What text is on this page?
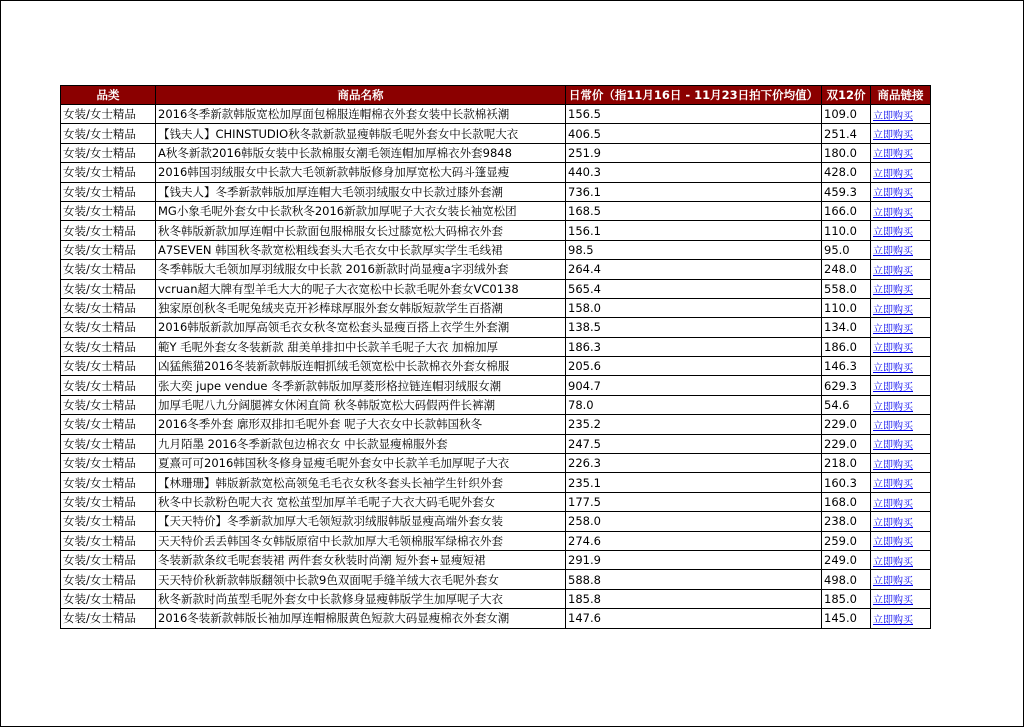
品类	商品名称	日常价（指11月16日 - 11月23日拍下价均值）	双12价	商品链接
女装/女士精品	2016冬季新款韩版宽松加厚面包棉服连帽棉衣外套女装中长款棉袄潮	156.5	109.0	立即购买
女装/女士精品	【钱夫人】CHINSTUDIO秋冬款新款显瘦韩版毛呢外套女中长款呢大衣	406.5	251.4	立即购买
女装/女士精品	A秋冬新款2016韩版女装中长款棉服女潮毛领连帽加厚棉衣外套9848	251.9	180.0	立即购买
女装/女士精品	2016韩国羽绒服女中长款大毛领新款韩版修身加厚宽松大码斗篷显瘦	440.3	428.0	立即购买
女装/女士精品	【钱夫人】冬季新款韩版加厚连帽大毛领羽绒服女中长款过膝外套潮	736.1	459.3	立即购买
女装/女士精品	MG小象毛呢外套女中长款秋冬2016新款加厚呢子大衣女装长袖宽松团	168.5	166.0	立即购买
女装/女士精品	秋冬韩版新款加厚连帽中长款面包服棉服女长过膝宽松大码棉衣外套	156.1	110.0	立即购买
女装/女士精品	A7SEVEN 韩国秋冬款宽松粗线套头大毛衣女中长款厚实学生毛线裙	98.5	95.0	立即购买
女装/女士精品	冬季韩版大毛领加厚羽绒服女中长款 2016新款时尚显瘦a字羽绒外套	264.4	248.0	立即购买
女装/女士精品	vcruan超大牌有型羊毛大大的呢子大衣宽松中长款毛呢外套女VC0138	565.4	558.0	立即购买
女装/女士精品	独家原创秋冬毛呢兔绒夹克开衫棒球厚服外套女韩版短款学生百搭潮	158.0	110.0	立即购买
女装/女士精品	2016韩版新款加厚高领毛衣女秋冬宽松套头显瘦百搭上衣学生外套潮	138.5	134.0	立即购买
女装/女士精品	範Y 毛呢外套女冬装新款 甜美单排扣中长款羊毛呢子大衣 加棉加厚	186.3	186.0	立即购买
女装/女士精品	凶猛熊猫2016冬装新款韩版连帽抓绒毛领宽松中长款棉衣外套女棉服	205.6	146.3	立即购买
女装/女士精品	张大奕 jupe vendue 冬季新款韩版加厚菱形格拉链连帽羽绒服女潮	904.7	629.3	立即购买
女装/女士精品	加厚毛呢八九分阔腿裤女休闲直筒 秋冬韩版宽松大码假两件长裤潮	78.0	54.6	立即购买
女装/女士精品	2016冬季外套 廓形双排扣毛呢外套 呢子大衣女中长款韩国秋冬	235.2	229.0	立即购买
女装/女士精品	九月陌墨 2016冬季新款包边棉衣女 中长款显瘦棉服外套	247.5	229.0	立即购买
女装/女士精品	夏熹可可2016韩国秋冬修身显瘦毛呢外套女中长款羊毛加厚呢子大衣	226.3	218.0	立即购买
女装/女士精品	【林珊珊】韩版新款宽松高领兔毛毛衣女秋冬套头长袖学生针织外套	235.1	160.3	立即购买
女装/女士精品	秋冬中长款粉色呢大衣 宽松茧型加厚羊毛呢子大衣大码毛呢外套女	177.5	168.0	立即购买
女装/女士精品	【天天特价】冬季新款加厚大毛领短款羽绒服韩版显瘦高端外套女装	258.0	238.0	立即购买
女装/女士精品	天天特价丢丢韩国冬女韩版原宿中长款加厚大毛领棉服军绿棉衣外套	274.6	259.0	立即购买
女装/女士精品	冬装新款条纹毛呢套装裙 两件套女秋装时尚潮 短外套+显瘦短裙	291.9	249.0	立即购买
女装/女士精品	天天特价秋新款韩版翻领中长款9色双面呢手缝羊绒大衣毛呢外套女	588.8	498.0	立即购买
女装/女士精品	秋冬新款时尚茧型毛呢外套女中长款修身显瘦韩版学生加厚呢子大衣	185.8	185.0	立即购买
女装/女士精品	2016冬装新款韩版长袖加厚连帽棉服黄色短款大码显瘦棉衣外套女潮	147.6	145.0	立即购买
